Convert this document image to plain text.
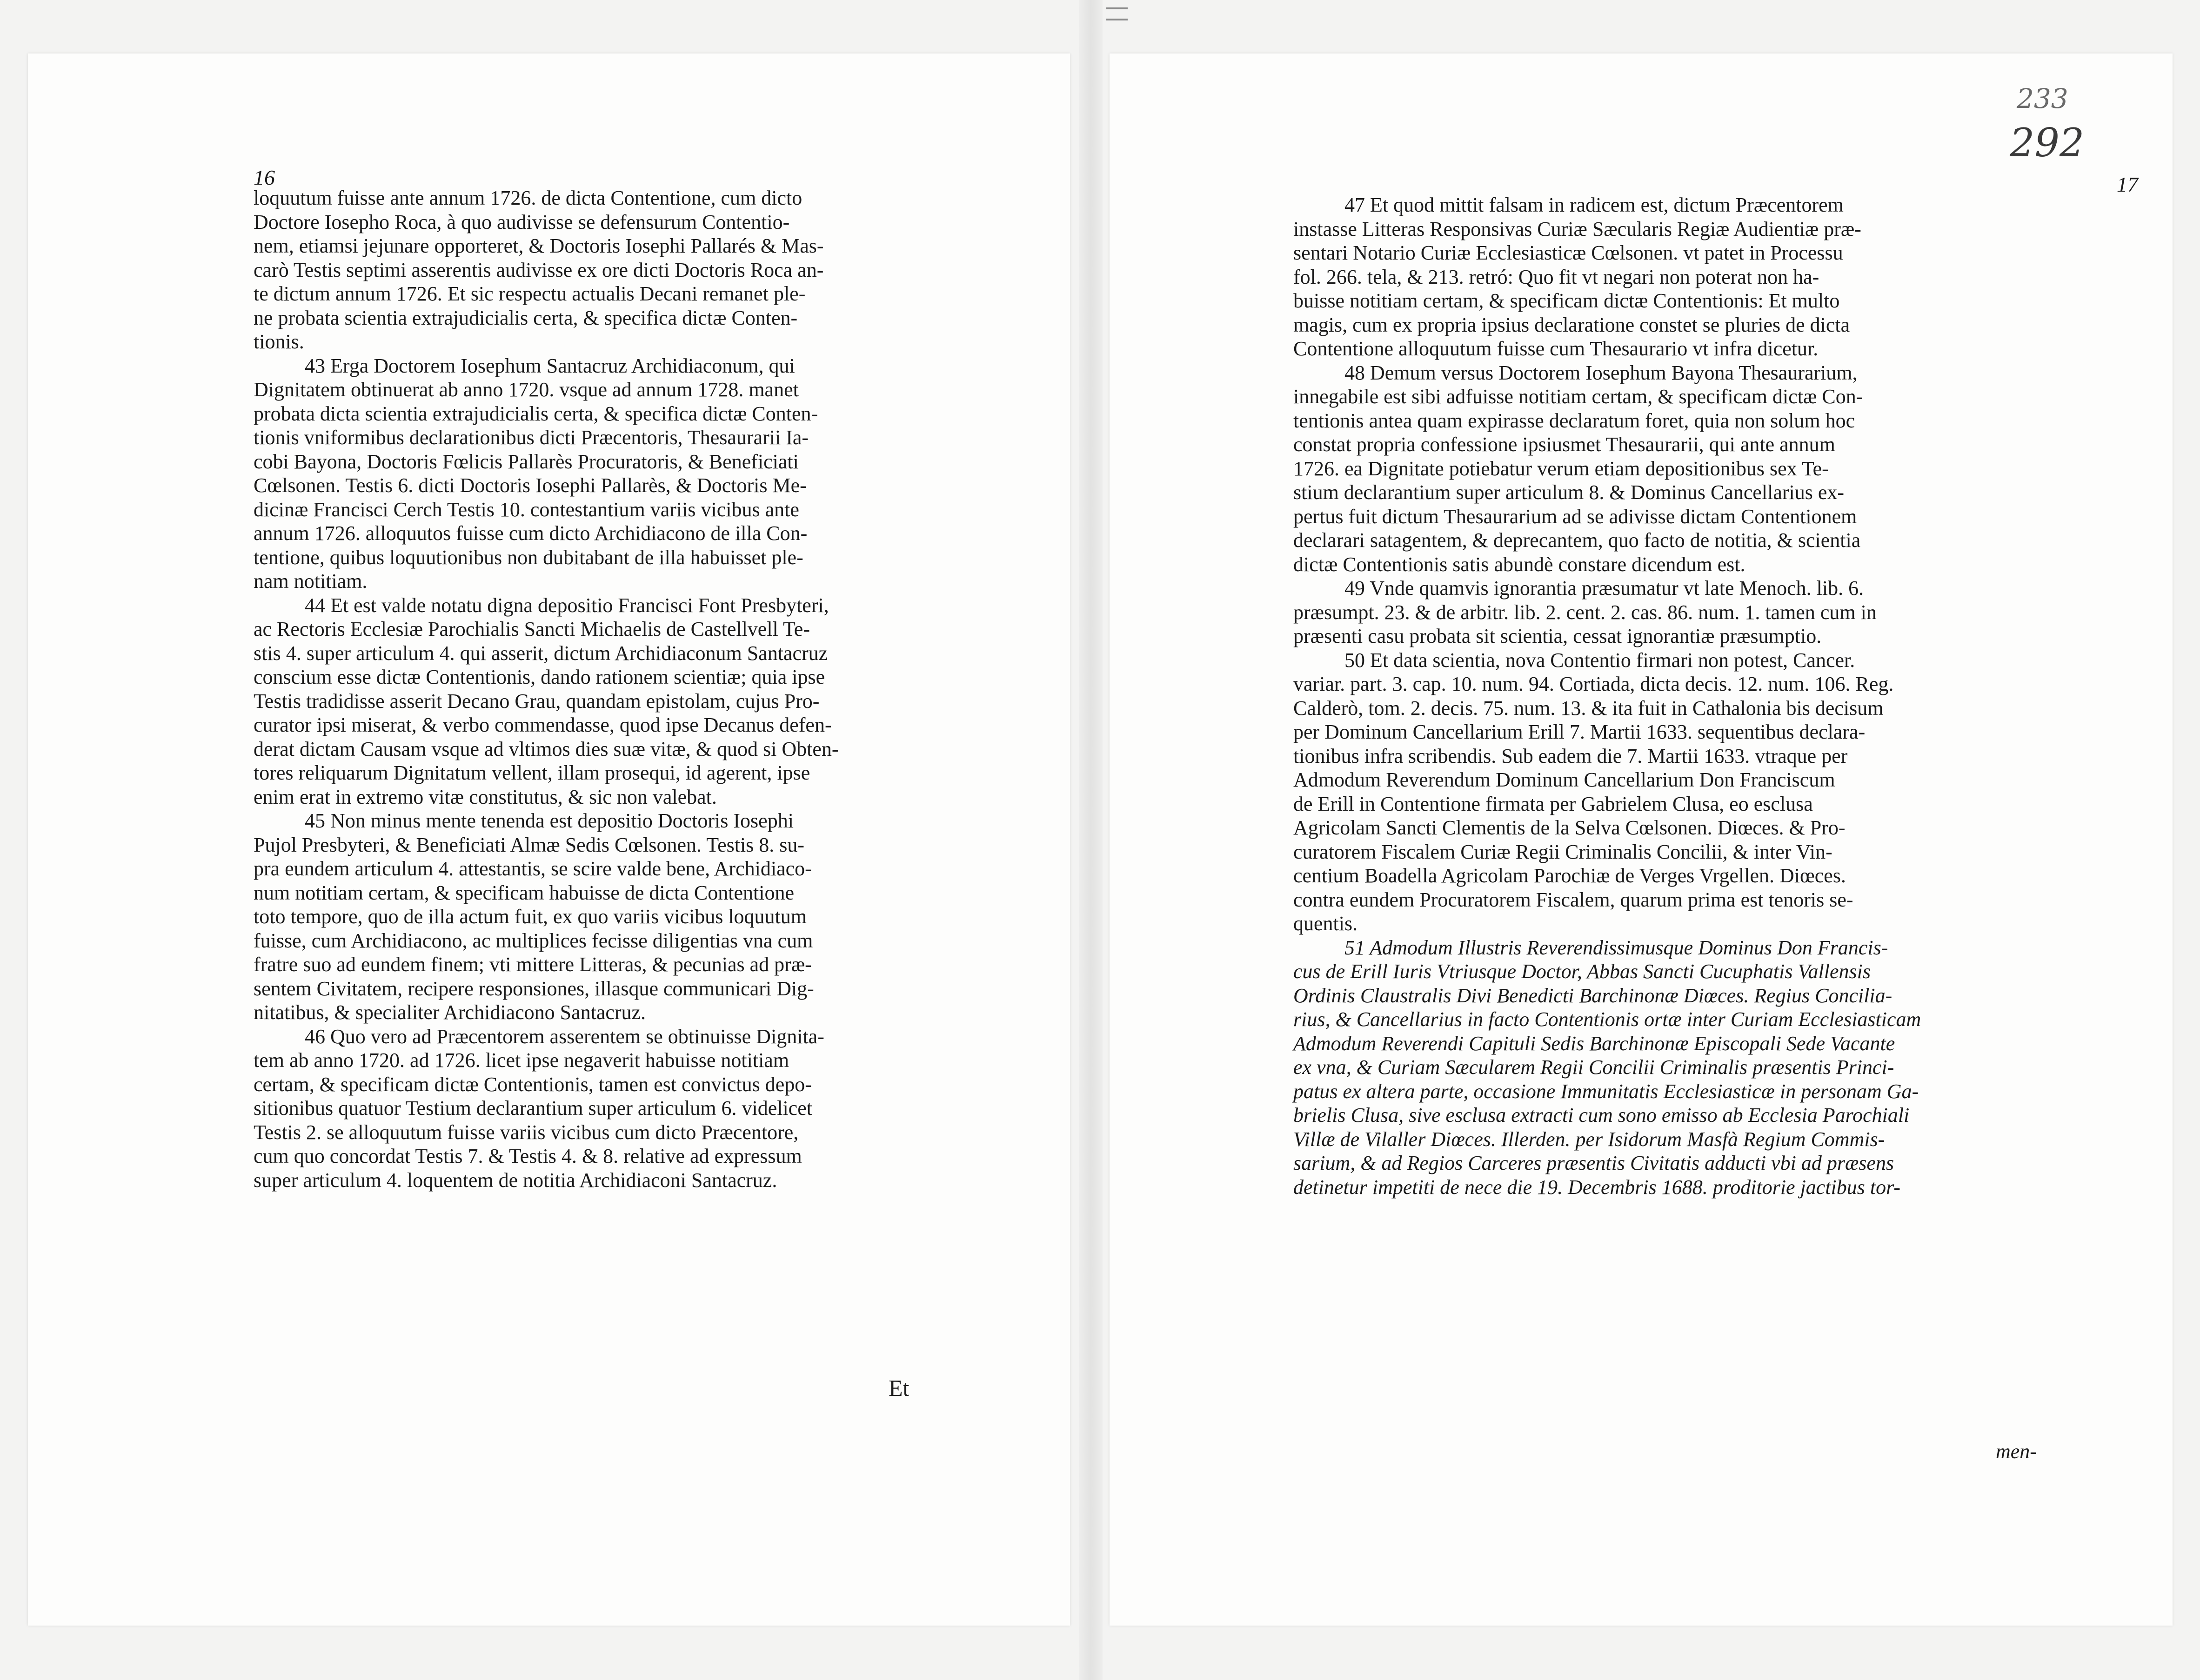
16
loquutum fuisse ante annum 1726. de dicta Contentione, cum dicto
Doctore Iosepho Roca, à quo audivisse se defensurum Contentio-
nem, etiamsi jejunare opporteret, & Doctoris Iosephi Pallarés & Mas-
carò Testis septimi asserentis audivisse ex ore dicti Doctoris Roca an-
te dictum annum 1726. Et sic respectu actualis Decani remanet ple-
ne probata scientia extrajudicialis certa, & specifica dictæ Conten-
tionis.
43 Erga Doctorem Iosephum Santacruz Archidiaconum, qui
Dignitatem obtinuerat ab anno 1720. vsque ad annum 1728. manet
probata dicta scientia extrajudicialis certa, & specifica dictæ Conten-
tionis vniformibus declarationibus dicti Præcentoris, Thesaurarii Ia-
cobi Bayona, Doctoris Fœlicis Pallarès Procuratoris, & Beneficiati
Cœlsonen. Testis 6. dicti Doctoris Iosephi Pallarès, & Doctoris Me-
dicinæ Francisci Cerch Testis 10. contestantium variis vicibus ante
annum 1726. alloquutos fuisse cum dicto Archidiacono de illa Con-
tentione, quibus loquutionibus non dubitabant de illa habuisset ple-
nam notitiam.
44 Et est valde notatu digna depositio Francisci Font Presbyteri,
ac Rectoris Ecclesiæ Parochialis Sancti Michaelis de Castellvell Te-
stis 4. super articulum 4. qui asserit, dictum Archidiaconum Santacruz
conscium esse dictæ Contentionis, dando rationem scientiæ; quia ipse
Testis tradidisse asserit Decano Grau, quandam epistolam, cujus Pro-
curator ipsi miserat, & verbo commendasse, quod ipse Decanus defen-
derat dictam Causam vsque ad vltimos dies suæ vitæ, & quod si Obten-
tores reliquarum Dignitatum vellent, illam prosequi, id agerent, ipse
enim erat in extremo vitæ constitutus, & sic non valebat.
45 Non minus mente tenenda est depositio Doctoris Iosephi
Pujol Presbyteri, & Beneficiati Almæ Sedis Cœlsonen. Testis 8. su-
pra eundem articulum 4. attestantis, se scire valde bene, Archidiaco-
num notitiam certam, & specificam habuisse de dicta Contentione
toto tempore, quo de illa actum fuit, ex quo variis vicibus loquutum
fuisse, cum Archidiacono, ac multiplices fecisse diligentias vna cum
fratre suo ad eundem finem; vti mittere Litteras, & pecunias ad præ-
sentem Civitatem, recipere responsiones, illasque communicari Dig-
nitatibus, & specialiter Archidiacono Santacruz.
46 Quo vero ad Præcentorem asserentem se obtinuisse Dignita-
tem ab anno 1720. ad 1726. licet ipse negaverit habuisse notitiam
certam, & specificam dictæ Contentionis, tamen est convictus depo-
sitionibus quatuor Testium declarantium super articulum 6. videlicet
Testis 2. se alloquutum fuisse variis vicibus cum dicto Præcentore,
cum quo concordat Testis 7. & Testis 4. & 8. relative ad expressum
super articulum 4. loquentem de notitia Archidiaconi Santacruz.
Et
17
47 Et quod mittit falsam in radicem est, dictum Præcentorem
instasse Litteras Responsivas Curiæ Sæcularis Regiæ Audientiæ præ-
sentari Notario Curiæ Ecclesiasticæ Cœlsonen. vt patet in Processu
fol. 266. tela, & 213. retró: Quo fit vt negari non poterat non ha-
buisse notitiam certam, & specificam dictæ Contentionis: Et multo
magis, cum ex propria ipsius declaratione constet se pluries de dicta
Contentione alloquutum fuisse cum Thesaurario vt infra dicetur.
48 Demum versus Doctorem Iosephum Bayona Thesaurarium,
innegabile est sibi adfuisse notitiam certam, & specificam dictæ Con-
tentionis antea quam expirasse declaratum foret, quia non solum hoc
constat propria confessione ipsiusmet Thesaurarii, qui ante annum
1726. ea Dignitate potiebatur verum etiam depositionibus sex Te-
stium declarantium super articulum 8. & Dominus Cancellarius ex-
pertus fuit dictum Thesaurarium ad se adivisse dictam Contentionem
declarari satagentem, & deprecantem, quo facto de notitia, & scientia
dictæ Contentionis satis abundè constare dicendum est.
49 Vnde quamvis ignorantia præsumatur vt late Menoch. lib. 6.
præsumpt. 23. & de arbitr. lib. 2. cent. 2. cas. 86. num. 1. tamen cum in
præsenti casu probata sit scientia, cessat ignorantiæ præsumptio.
50 Et data scientia, nova Contentio firmari non potest, Cancer.
variar. part. 3. cap. 10. num. 94. Cortiada, dicta decis. 12. num. 106. Reg.
Calderò, tom. 2. decis. 75. num. 13. & ita fuit in Cathalonia bis decisum
per Dominum Cancellarium Erill 7. Martii 1633. sequentibus declara-
tionibus infra scribendis. Sub eadem die 7. Martii 1633. vtraque per
Admodum Reverendum Dominum Cancellarium Don Franciscum
de Erill in Contentione firmata per Gabrielem Clusa, eo esclusa
Agricolam Sancti Clementis de la Selva Cœlsonen. Diœces. & Pro-
curatorem Fiscalem Curiæ Regii Criminalis Concilii, & inter Vin-
centium Boadella Agricolam Parochiæ de Verges Vrgellen. Diœces.
contra eundem Procuratorem Fiscalem, quarum prima est tenoris se-
quentis.
51 Admodum Illustris Reverendissimusque Dominus Don Francis-
cus de Erill Iuris Vtriusque Doctor, Abbas Sancti Cucuphatis Vallensis
Ordinis Claustralis Divi Benedicti Barchinonæ Diœces. Regius Concilia-
rius, & Cancellarius in facto Contentionis ortæ inter Curiam Ecclesiasticam
Admodum Reverendi Capituli Sedis Barchinonæ Episcopali Sede Vacante
ex vna, & Curiam Sæcularem Regii Concilii Criminalis præsentis Princi-
patus ex altera parte, occasione Immunitatis Ecclesiasticæ in personam Ga-
brielis Clusa, sive esclusa extracti cum sono emisso ab Ecclesia Parochiali
Villæ de Vilaller Diœces. Illerden. per Isidorum Masfà Regium Commis-
sarium, & ad Regios Carceres præsentis Civitatis adducti vbi ad præsens
detinetur impetiti de nece die 19. Decembris 1688. proditorie jactibus tor-
men-
233
292
